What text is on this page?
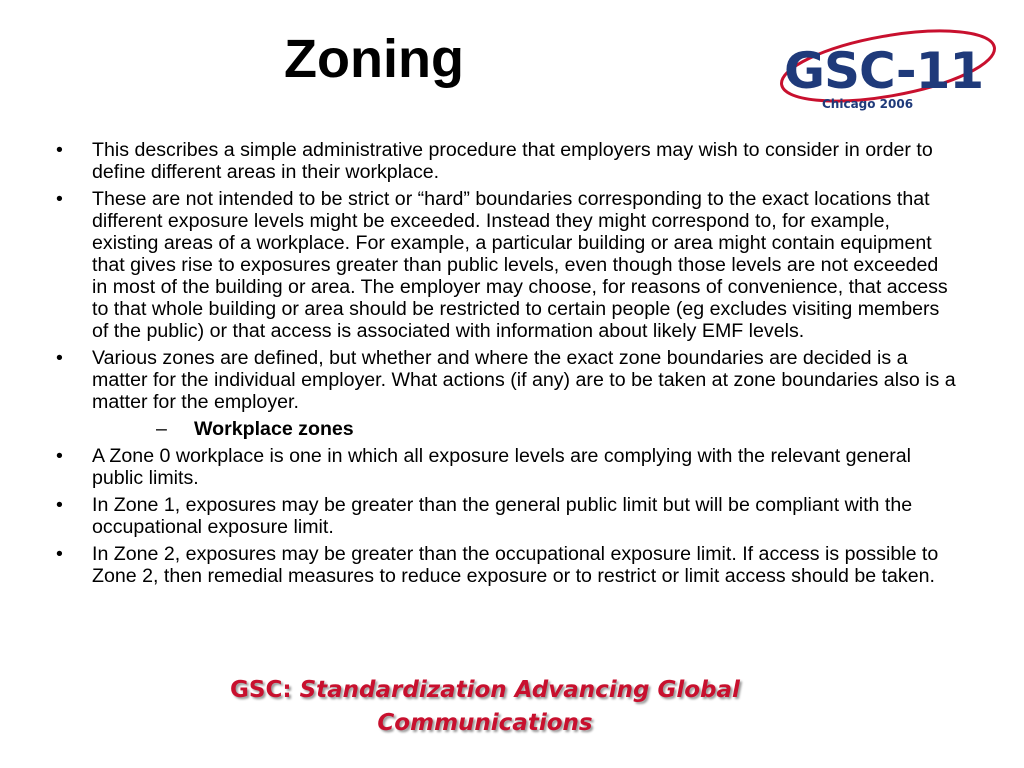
Zoning	GSC-11
Chicago 2006
• This describes a simple administrative procedure that employers may wish to consider in order to define different areas in their workplace.
• These are not intended to be strict or “hard” boundaries corresponding to the exact locations that different exposure levels might be exceeded. Instead they might correspond to, for example, existing areas of a workplace. For example, a particular building or area might contain equipment that gives rise to exposures greater than public levels, even though those levels are not exceeded in most of the building or area. The employer may choose, for reasons of convenience, that access to that whole building or area should be restricted to certain people (eg excludes visiting members of the public) or that access is associated with information about likely EMF levels.
• Various zones are defined, but whether and where the exact zone boundaries are decided is a matter for the individual employer. What actions (if any) are to be taken at zone boundaries also is a matter for the employer.
– Workplace zones
• A Zone 0 workplace is one in which all exposure levels are complying with the relevant general public limits.
• In Zone 1, exposures may be greater than the general public limit but will be compliant with the occupational exposure limit.
• In Zone 2, exposures may be greater than the occupational exposure limit. If access is possible to Zone 2, then remedial measures to reduce exposure or to restrict or limit access should be taken.
GSC: Standardization Advancing Global
Communications
